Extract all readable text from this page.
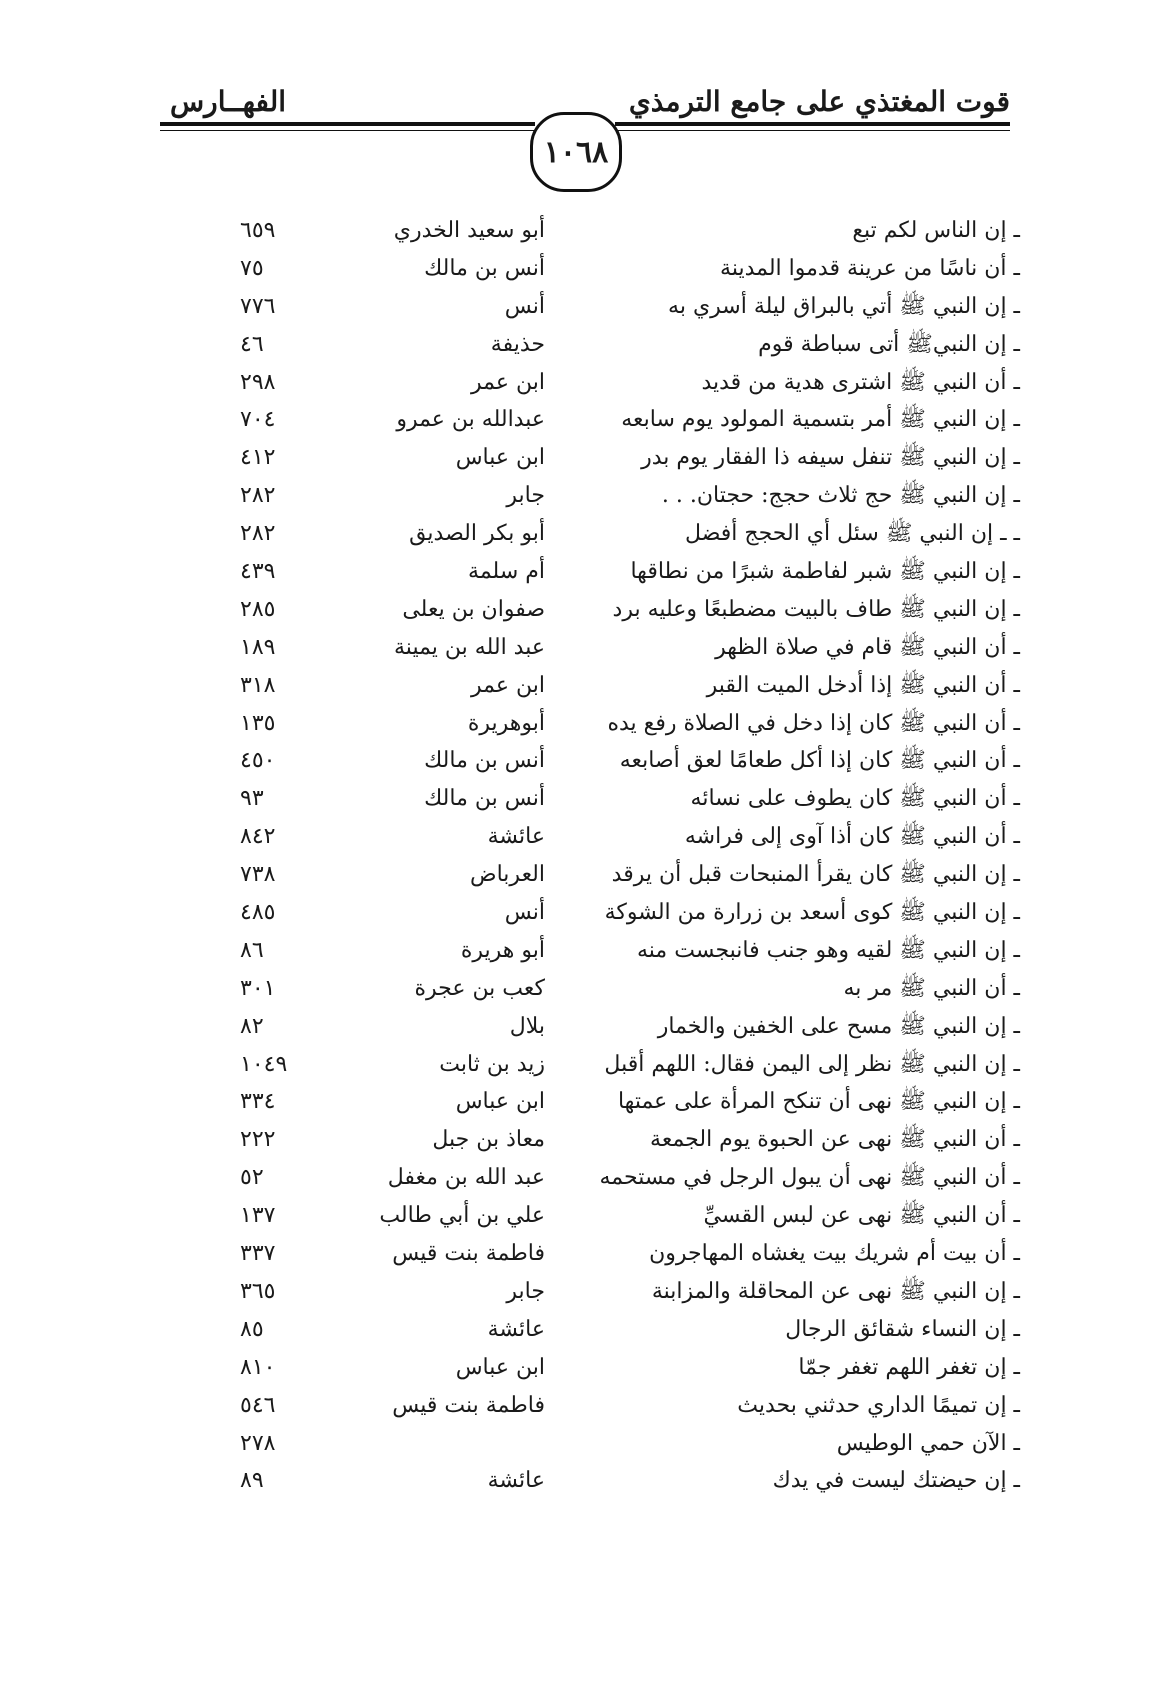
قوت المغتذي على جامع الترمذي
الفهــارس
١٠٦٨
ـ إن الناس لكم تبع
أبو سعيد الخدري
٦٥٩
ـ أن ناسًا من عرينة قدموا المدينة
أنس بن مالك
٧٥
ـ إن النبي ﷺ أتي بالبراق ليلة أسري به
أنس
٧٧٦
ـ إن النبيﷺ أتى سباطة قوم
حذيفة
٤٦
ـ أن النبي ﷺ اشترى هدية من قديد
ابن عمر
٢٩٨
ـ إن النبي ﷺ أمر بتسمية المولود يوم سابعه
عبدالله بن عمرو
٧٠٤
ـ إن النبي ﷺ تنفل سيفه ذا الفقار يوم بدر
ابن عباس
٤١٢
ـ إن النبي ﷺ حج ثلاث حجج: حجتان. . .
جابر
٢٨٢
ـ ـ إن النبي ﷺ سئل أي الحجج أفضل
أبو بكر الصديق
٢٨٢
ـ إن النبي ﷺ شبر لفاطمة شبرًا من نطاقها
أم سلمة
٤٣٩
ـ إن النبي ﷺ طاف بالبيت مضطبعًا وعليه برد
صفوان بن يعلى
٢٨٥
ـ أن النبي ﷺ قام في صلاة الظهر
عبد الله بن يمينة
١٨٩
ـ أن النبي ﷺ إذا أدخل الميت القبر
ابن عمر
٣١٨
ـ أن النبي ﷺ كان إذا دخل في الصلاة رفع يده
أبوهريرة
١٣٥
ـ أن النبي ﷺ كان إذا أكل طعامًا لعق أصابعه
أنس بن مالك
٤٥٠
ـ أن النبي ﷺ كان يطوف على نسائه
أنس بن مالك
٩٣
ـ أن النبي ﷺ كان أذا آوى إلى فراشه
عائشة
٨٤٢
ـ إن النبي ﷺ كان يقرأ المنبحات قبل أن يرقد
العرباض
٧٣٨
ـ إن النبي ﷺ كوى أسعد بن زرارة من الشوكة
أنس
٤٨٥
ـ إن النبي ﷺ لقيه وهو جنب فانبجست منه
أبو هريرة
٨٦
ـ أن النبي ﷺ مر به
كعب بن عجرة
٣٠١
ـ إن النبي ﷺ مسح على الخفين والخمار
بلال
٨٢
ـ إن النبي ﷺ نظر إلى اليمن فقال: اللهم أقبل
زيد بن ثابت
١٠٤٩
ـ إن النبي ﷺ نهى أن تنكح المرأة على عمتها
ابن عباس
٣٣٤
ـ أن النبي ﷺ نهى عن الحبوة يوم الجمعة
معاذ بن جبل
٢٢٢
ـ أن النبي ﷺ نهى أن يبول الرجل في مستحمه
عبد الله بن مغفل
٥٢
ـ أن النبي ﷺ نهى عن لبس القسيِّ
علي بن أبي طالب
١٣٧
ـ أن بيت أم شريك بيت يغشاه المهاجرون
فاطمة بنت قيس
٣٣٧
ـ إن النبي ﷺ نهى عن المحاقلة والمزابنة
جابر
٣٦٥
ـ إن النساء شقائق الرجال
عائشة
٨٥
ـ إن تغفر اللهم تغفر جمّا
ابن عباس
٨١٠
ـ إن تميمًا الداري حدثني بحديث
فاطمة بنت قيس
٥٤٦
ـ الآن حمي الوطيس
٢٧٨
ـ إن حيضتك ليست في يدك
عائشة
٨٩
